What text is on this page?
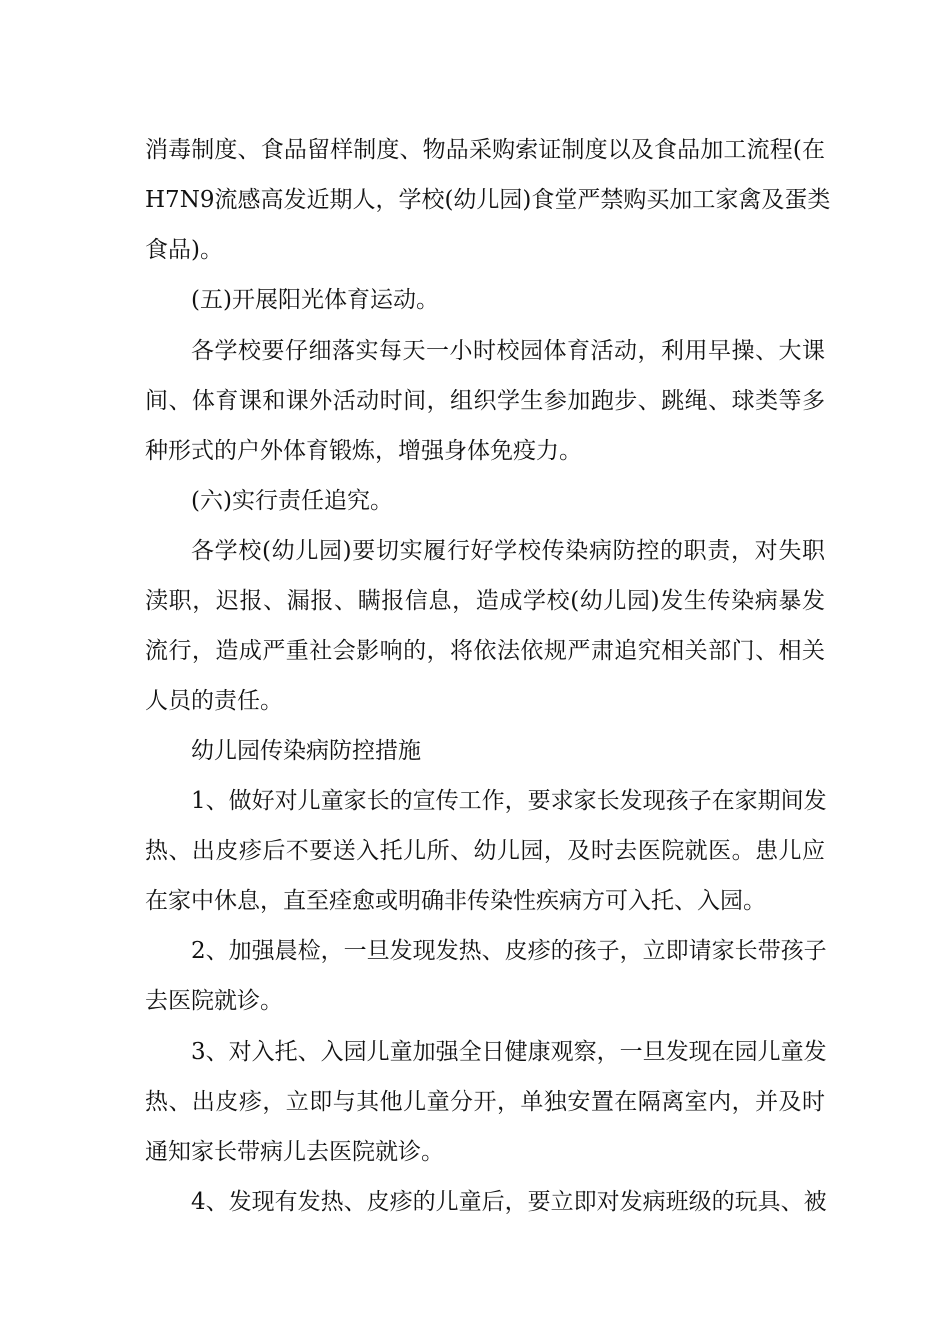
消毒制度、食品留样制度、物品采购索证制度以及食品加工流程(在
H7N9流感高发近期人，学校(幼儿园)食堂严禁购买加工家禽及蛋类
食品)。
(五)开展阳光体育运动。
各学校要仔细落实每天一小时校园体育活动，利用早操、大课
间、体育课和课外活动时间，组织学生参加跑步、跳绳、球类等多
种形式的户外体育锻炼，增强身体免疫力。
(六)实行责任追究。
各学校(幼儿园)要切实履行好学校传染病防控的职责，对失职
渎职，迟报、漏报、瞒报信息，造成学校(幼儿园)发生传染病暴发
流行，造成严重社会影响的，将依法依规严肃追究相关部门、相关
人员的责任。
幼儿园传染病防控措施
1、做好对儿童家长的宣传工作，要求家长发现孩子在家期间发
热、出皮疹后不要送入托儿所、幼儿园，及时去医院就医。患儿应
在家中休息，直至痊愈或明确非传染性疾病方可入托、入园。
2、加强晨检，一旦发现发热、皮疹的孩子，立即请家长带孩子
去医院就诊。
3、对入托、入园儿童加强全日健康观察，一旦发现在园儿童发
热、出皮疹，立即与其他儿童分开，单独安置在隔离室内，并及时
通知家长带病儿去医院就诊。
4、发现有发热、皮疹的儿童后，要立即对发病班级的玩具、被
